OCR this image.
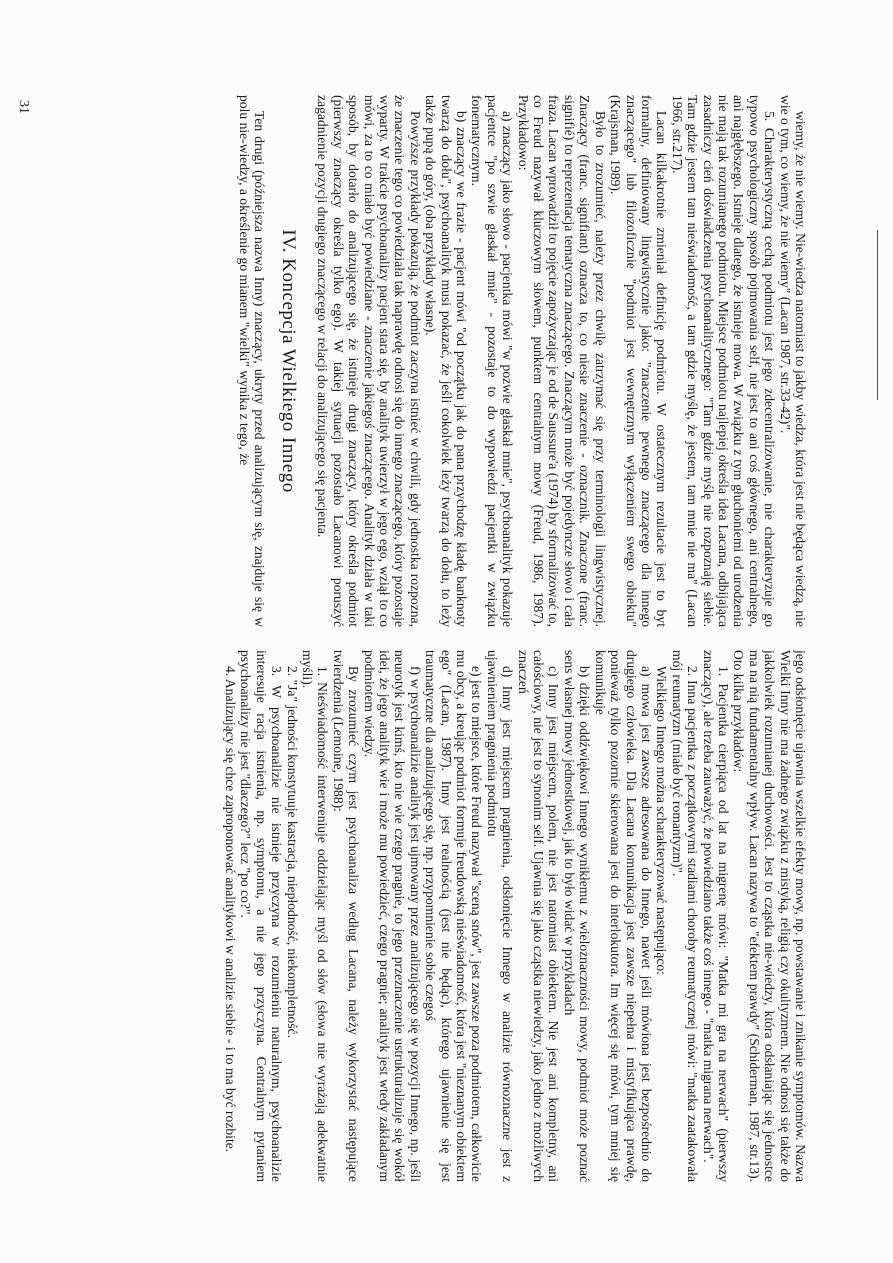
wiemy, że nie wiemy. Nie-wiedza natomiast to jakby wiedza, która jest nie będąca wiedzą, nie wie o tym, co wiemy, że nie wiemy" (Lacan 1987, str.33-42)".

5. Charakterystyczną cechą podmiotu jest jego zdecentralizowanie, nie charakteryzuje go typowo psychologiczny sposób pojmowania self, nie jest to ani coś głównego, ani centralnego, ani najgłębszego. Istnieje dlatego, że istnieje mowa. W związku z tym głuchoniemi od urodzenia nie mają tak rozumianego podmiotu. Miejsce podmiotu najlepiej określa idea Lacana, odbijająca zasadniczy cień doświadczenia psychoanalitycznego: "Tam gdzie myślę nie rozpoznaję siebie. Tam gdzie jestem tam nieświadomość, a tam gdzie myślę, że jestem, tam mnie nie ma" (Lacan 1966, str.217).

Lacan kilkakrotnie zmieniał definicję podmiotu. W ostatecznym rezultacie jest to byt formalny, definiowany lingwistycznie jako: "znaczenie pewnego znaczącego dla innego znaczącego" lub filozoficznie "podmiot jest wewnętrznym wyłączeniem swego obiektu" (Krajsman, 1989).

Było to zrozumieć, należy przez chwilę zatrzymać się przy terminologii lingwistycznej. Znaczący (franc. signifiant) oznacza to, co niesie znaczenie - oznacznik. Znaczone (franc. signifié) to reprezentacja tematyczna znaczącego. Znaczącym może być pojedyncze słowo i cała fraza. Lacan wprowadził to pojęcie zapożyczając je od de Saussure'a (1974) by sformalizować to, co Freud nazywał kluczowym słowem, punktem centralnym mowy (Freud, 1986, 1987). Przykładowo:

a) znaczący jako słowo - pacjentka mówi "w pozwie głaskał mnie", psychoanalityk pokazuje pacjentce "po szwie głaskał mnie" - pozostaje to do wypowiedzi pacjentki w związku fonematycznym.

b) znaczący we frazie - pacjent mówi "od początku jak do pana przychodzę kładę banknoty twarzą do dołu", psychoanalityk musi pokazać, że jeśli cokolwiek leży twarzą do dołu, to leży także pupą do góry, (oba przykłady własne).

Powyższe przykłady pokazują, że podmiot zaczyna istnieć w chwili, gdy jednostka rozpozna, że znaczenie tego co powiedziała tak naprawdę odnosi się do innego znaczącego, który pozostaje wyparty. W trakcie psychoanalizy pacjent stara się, by analityk uwierzył w jego ego, wziął to co mówi, za to co miało być powiedziane - znaczenie jakiegoś znaczącego. Analityk działa w taki sposób, by dotarło do analizującego się, że istnieje drugi znaczący, który określa podmiot (pierwszy znaczący określa tylko ego). W takiej sytuacji pozostało Lacanowi poruszyć zagadnienie pozycji drugiego znaczącego w relacji do analizującego się pacjenta.

IV. Koncepcja Wielkiego Innego

Ten drugi (późniejsza nazwa Inny) znaczący, ukryty przed analizującym się, znajduje się w polu nie-wiedzy, a określenie go mianem "wielki" wynika z tego, że

jego odsłonięcie ujawnia wszelkie efekty mowy, np. powstawanie i znikanie symptomów. Nazwa Wielki Inny nie ma żadnego związku z mistyką, religią czy okultyzmem. Nie odnosi się także do jakkolwiek rozumianej duchowości. Jest to cząstka nie-wiedzy, która odsłaniając się jednostce ma na nią fundamentalny wpływ. Lacan nazywa to "efektem prawdy" (Schiderman, 1987, str.13). Oto kilka przykładów:

1. Pacjentka cierpiąca od lat na migrenę mówi: "Matka mi gra na nerwach" (pierwszy znaczący), ale trzeba zauważyć, że powiedziano także coś innego - "matka migrana nerwach".

2. Inna pacjentka z początkowymi stadiami choroby reumatycznej mówi: "matka zaatakowała mój reumatyzm (miało być romantyzm)".

Wielkiego Innego można scharakteryzować następująco:

a) mowa jest zawsze adresowana do Innego, nawet jeśli mówiona jest bezpośrednio do drugiego człowieka. Dla Lacana komunikacja jest zawsze niepełna i mistyfikująca prawdę, ponieważ tylko pozornie skierowana jest do interlokutora. Im więcej się mówi, tym mniej się komunikuje

b) dzięki oddźwiękowi Innego wynikłemu z wieloznaczności mowy, podmiot może poznać sens własnej mowy jednostkowej, jak to było widać w przykładach

c) Inny jest miejscem, polem, nie jest natomiast obiektem. Nie jest ani kompletny, ani całościowy, nie jest to synonim self. Ujawnia się jako cząstka niewiedzy, jako jedno z możliwych znaczeń

d) Inny jest miejscem pragnienia, odsłonięcie Innego w analizie równoznaczne jest z ujawnieniem pragnienia podmiotu

e) jest to miejsce, które Freud nazywał "sceną snów", jest zawsze poza podmiotem, całkowicie mu obcy, a kreując podmiot formuje freudowską nieświadomość, która jest "nieznanym obiektem ego" (Lacan, 1987). Inny jest realnością (jest nie będąc), którego ujawnienie się jest traumatyczne dla analizującego się, np. przypomnienie sobie czegoś

f) w psychoanalizie analityk jest ujmowany przez analizującego się w pozycji Innego, np. jeśli neurotyk jest kimś, kto nie wie czego pragnie, to jego przeznaczenie ustrukturalizuje się wokół idei, że jego analityk wie i może mu powiedzieć, czego pragnie; analityk jest wtedy zakładanym podmiotem wiedzy.

By zrozumieć czym jest psychoanaliza według Lacana, należy wykorzystać następujące twierdzenia (Lemoine, 1988):

1. Nieświadomość interweniuje oddzielając myśl od słów (słowa nie wyrażają adekwatnie myśli).

2. "Ja" jedności konstytuuje kastracja, niepłodność, niekompletność.

3. W psychoanalizie nie istnieje przyczyna w rozumieniu naturalnym, psychoanalizie interesuje racja istnienia, np. symptomu, a nie jego przyczyna. Centralnym pytaniem psychoanalizy nie jest "dlaczego?" lecz "po co?".

4. Analizujący się chce zaproponować analitykowi w analizie siebie - i to ma być rozbite.

31
